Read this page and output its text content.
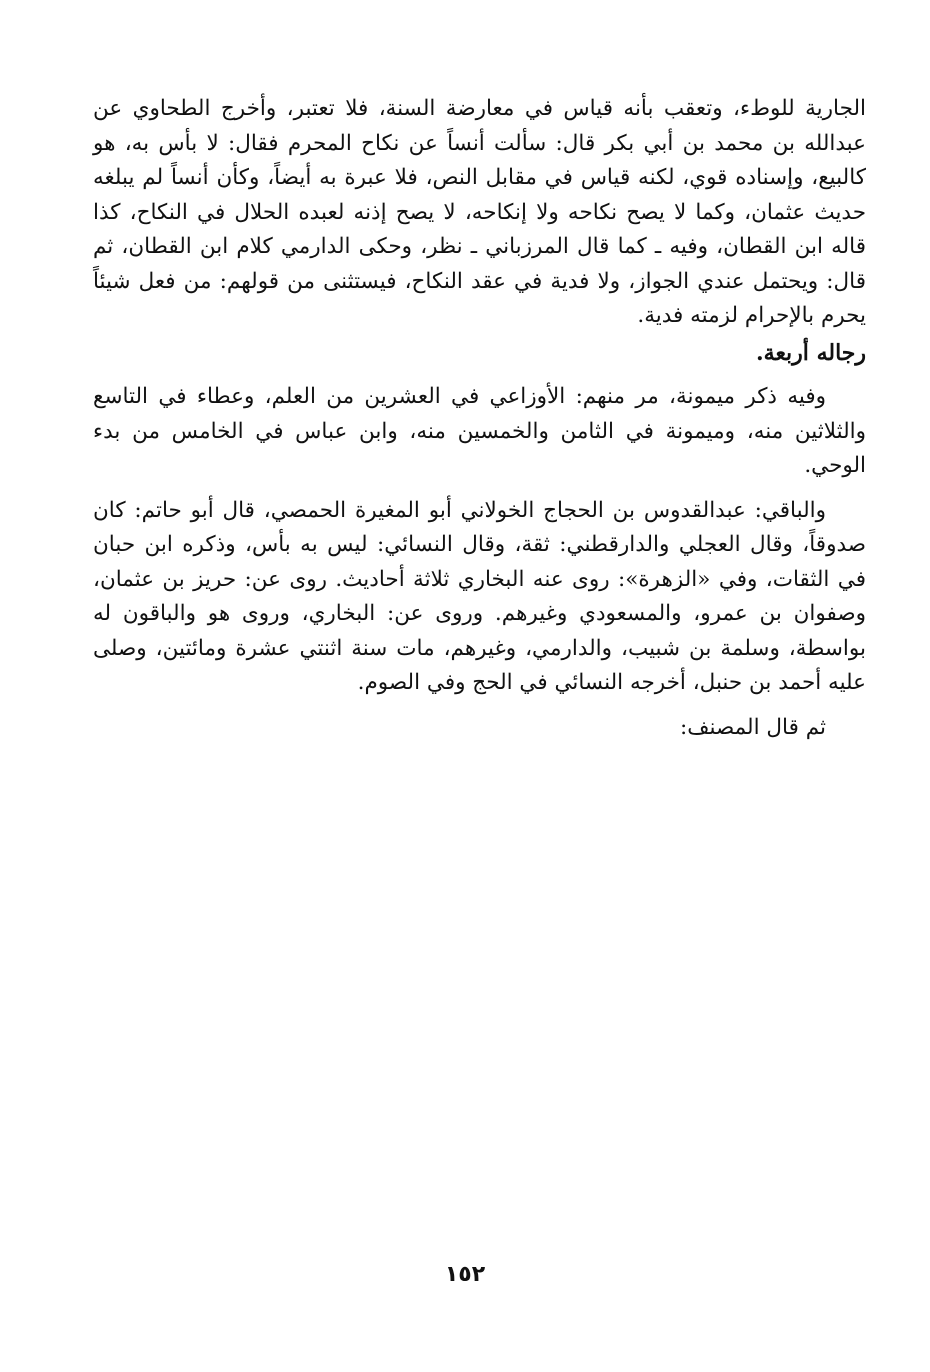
الجارية للوطء، وتعقب بأنه قياس في معارضة السنة، فلا تعتبر، وأخرج الطحاوي عن عبدالله بن محمد بن أبي بكر قال: سألت أنساً عن نكاح المحرم فقال: لا بأس به، هو كالبيع، وإسناده قوي، لكنه قياس في مقابل النص، فلا عبرة به أيضاً، وكأن أنساً لم يبلغه حديث عثمان، وكما لا يصح نكاحه ولا إنكاحه، لا يصح إذنه لعبده الحلال في النكاح، كذا قاله ابن القطان، وفيه ـ كما قال المرزباني ـ نظر، وحكى الدارمي كلام ابن القطان، ثم قال: ويحتمل عندي الجواز، ولا فدية في عقد النكاح، فيستثنى من قولهم: من فعل شيئاً يحرم بالإحرام لزمته فدية.

رجاله أربعة.

وفيه ذكر ميمونة، مر منهم: الأوزاعي في العشرين من العلم، وعطاء في التاسع والثلاثين منه، وميمونة في الثامن والخمسين منه، وابن عباس في الخامس من بدء الوحي.

والباقي: عبدالقدوس بن الحجاج الخولاني أبو المغيرة الحمصي، قال أبو حاتم: كان صدوقاً، وقال العجلي والدارقطني: ثقة، وقال النسائي: ليس به بأس، وذكره ابن حبان في الثقات، وفي «الزهرة»: روى عنه البخاري ثلاثة أحاديث. روى عن: حريز بن عثمان، وصفوان بن عمرو، والمسعودي وغيرهم. وروى عن: البخاري، وروى هو والباقون له بواسطة، وسلمة بن شبيب، والدارمي، وغيرهم، مات سنة اثنتي عشرة ومائتين، وصلى عليه أحمد بن حنبل، أخرجه النسائي في الحج وفي الصوم.

ثم قال المصنف:

١٥٢
